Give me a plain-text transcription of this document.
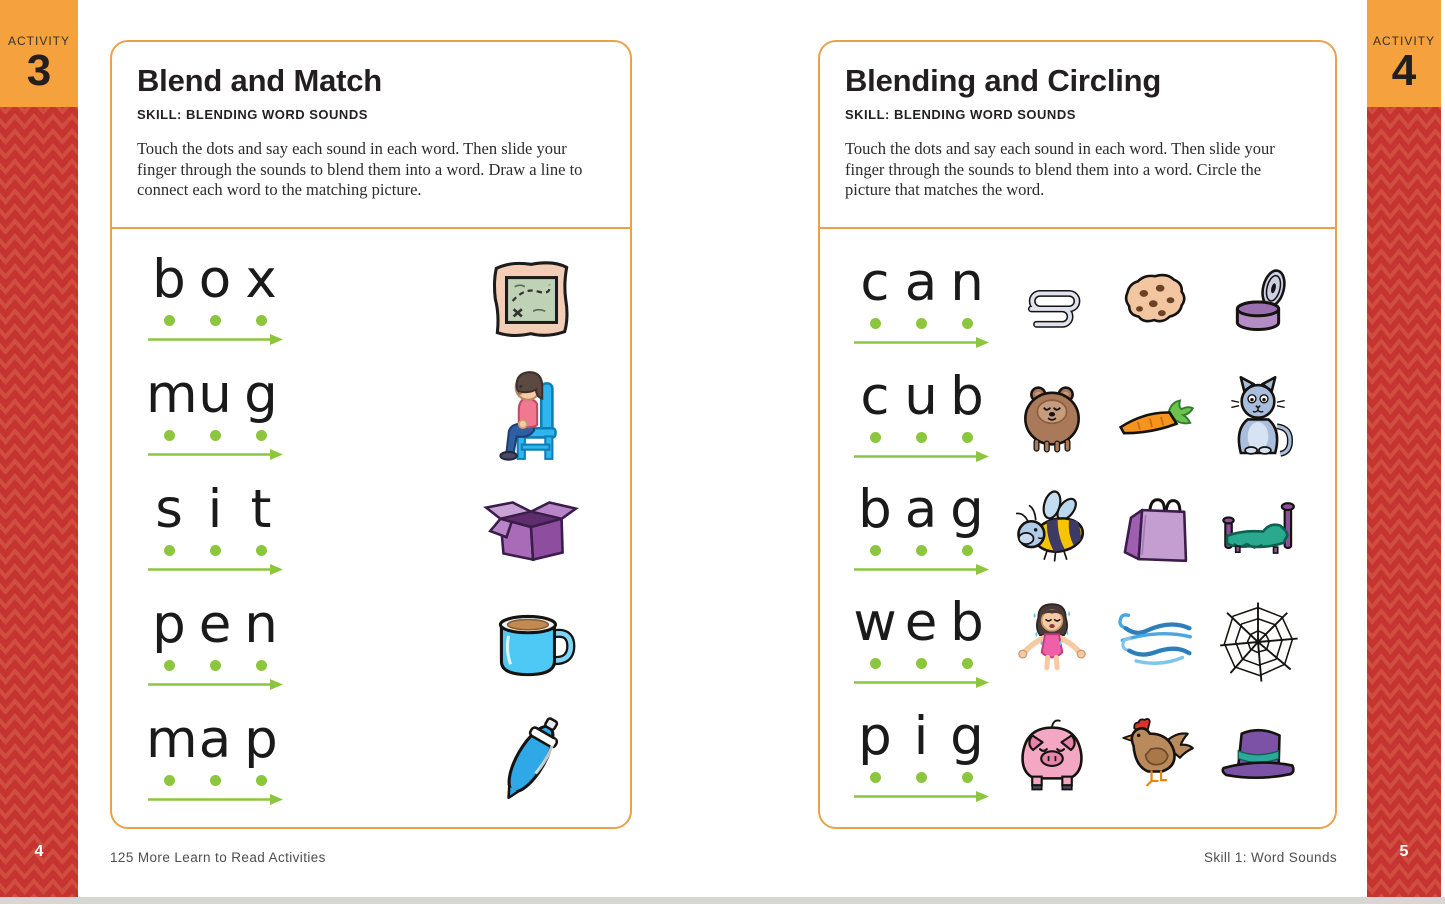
ACTIVITY
3
4
ACTIVITY
4
5
Blend and Match
SKILL: BLENDING WORD SOUNDS
Touch the dots and say each sound in each word. Then slide your finger through the sounds to blend them into a word. Draw a line to connect each word to the matching picture.
b o x
m u g
s i t
p e n
m a p
Blending and Circling
SKILL: BLENDING WORD SOUNDS
Touch the dots and say each sound in each word. Then slide your finger through the sounds to blend them into a word. Circle the picture that matches the word.
c a n
c u b
b a g
w e b
p i g
125 More Learn to Read Activities	Skill 1: Word Sounds
